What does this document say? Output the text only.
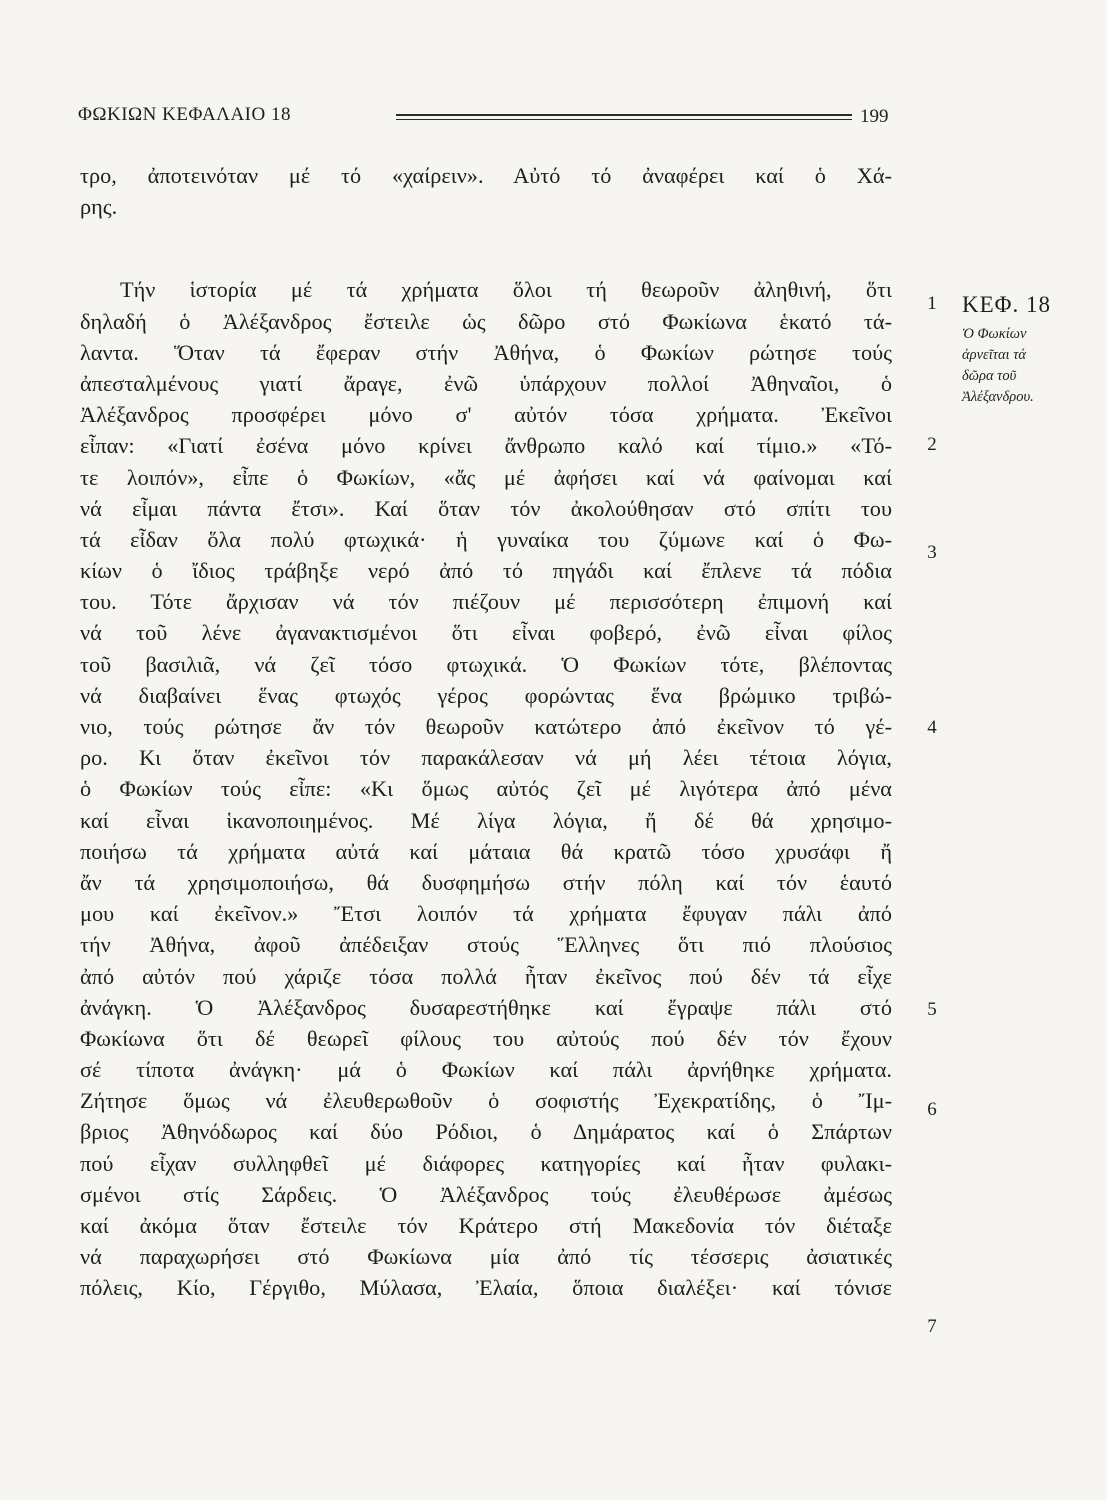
ΦΩΚΙΩΝ ΚΕΦΑΛΑΙΟ 18	199
τρο, ἀποτεινόταν μέ τό «χαίρειν». Αὐτό τό ἀναφέρει καί ὁ Χά-
ρης.
Τήν ἱστορία μέ τά χρήματα ὅλοι τή θεωροῦν ἀληθινή, ὅτι
δηλαδή ὁ Ἀλέξανδρος ἔστειλε ὡς δῶρο στό Φωκίωνα ἑκατό τά-
λαντα. Ὅταν τά ἔφεραν στήν Ἀθήνα, ὁ Φωκίων ρώτησε τούς
ἀπεσταλμένους γιατί ἄραγε, ἐνῶ ὑπάρχουν πολλοί Ἀθηναῖοι, ὁ
Ἀλέξανδρος προσφέρει μόνο σ' αὐτόν τόσα χρήματα. Ἐκεῖνοι
εἶπαν: «Γιατί ἐσένα μόνο κρίνει ἄνθρωπο καλό καί τίμιο.» «Τό-
τε λοιπόν», εἶπε ὁ Φωκίων, «ἄς μέ ἀφήσει καί νά φαίνομαι καί
νά εἶμαι πάντα ἔτσι». Καί ὅταν τόν ἀκολούθησαν στό σπίτι του
τά εἶδαν ὅλα πολύ φτωχικά· ἡ γυναίκα του ζύμωνε καί ὁ Φω-
κίων ὁ ἴδιος τράβηξε νερό ἀπό τό πηγάδι καί ἔπλενε τά πόδια
του. Τότε ἄρχισαν νά τόν πιέζουν μέ περισσότερη ἐπιμονή καί
νά τοῦ λένε ἀγανακτισμένοι ὅτι εἶναι φοβερό, ἐνῶ εἶναι φίλος
τοῦ βασιλιᾶ, νά ζεῖ τόσο φτωχικά. Ὁ Φωκίων τότε, βλέποντας
νά διαβαίνει ἕνας φτωχός γέρος φορώντας ἕνα βρώμικο τριβώ-
νιο, τούς ρώτησε ἄν τόν θεωροῦν κατώτερο ἀπό ἐκεῖνον τό γέ-
ρο. Κι ὅταν ἐκεῖνοι τόν παρακάλεσαν νά μή λέει τέτοια λόγια,
ὁ Φωκίων τούς εἶπε: «Κι ὅμως αὐτός ζεῖ μέ λιγότερα ἀπό μένα
καί εἶναι ἱκανοποιημένος. Μέ λίγα λόγια, ἤ δέ θά χρησιμο-
ποιήσω τά χρήματα αὐτά καί μάταια θά κρατῶ τόσο χρυσάφι ἤ
ἄν τά χρησιμοποιήσω, θά δυσφημήσω στήν πόλη καί τόν ἑαυτό
μου καί ἐκεῖνον.» Ἔτσι λοιπόν τά χρήματα ἔφυγαν πάλι ἀπό
τήν Ἀθήνα, ἀφοῦ ἀπέδειξαν στούς Ἕλληνες ὅτι πιό πλούσιος
ἀπό αὐτόν πού χάριζε τόσα πολλά ἦταν ἐκεῖνος πού δέν τά εἶχε
ἀνάγκη. Ὁ Ἀλέξανδρος δυσαρεστήθηκε καί ἔγραψε πάλι στό
Φωκίωνα ὅτι δέ θεωρεῖ φίλους του αὐτούς πού δέν τόν ἔχουν
σέ τίποτα ἀνάγκη· μά ὁ Φωκίων καί πάλι ἀρνήθηκε χρήματα.
Ζήτησε ὅμως νά ἐλευθερωθοῦν ὁ σοφιστής Ἐχεκρατίδης, ὁ Ἴμ-
βριος Ἀθηνόδωρος καί δύο Ρόδιοι, ὁ Δημάρατος καί ὁ Σπάρτων
πού εἶχαν συλληφθεῖ μέ διάφορες κατηγορίες καί ἦταν φυλακι-
σμένοι στίς Σάρδεις. Ὁ Ἀλέξανδρος τούς ἐλευθέρωσε ἀμέσως
καί ἀκόμα ὅταν ἔστειλε τόν Κράτερο στή Μακεδονία τόν διέταξε
νά παραχωρήσει στό Φωκίωνα μία ἀπό τίς τέσσερις ἀσιατικές
πόλεις, Κίο, Γέργιθο, Μύλασα, Ἐλαία, ὅποια διαλέξει· καί τόνισε
1
2
3
4
5
6
7
ΚΕΦ. 18
Ὁ Φωκίων
ἀρνεῖται τά
δῶρα τοῦ
Ἀλέξανδρου.
